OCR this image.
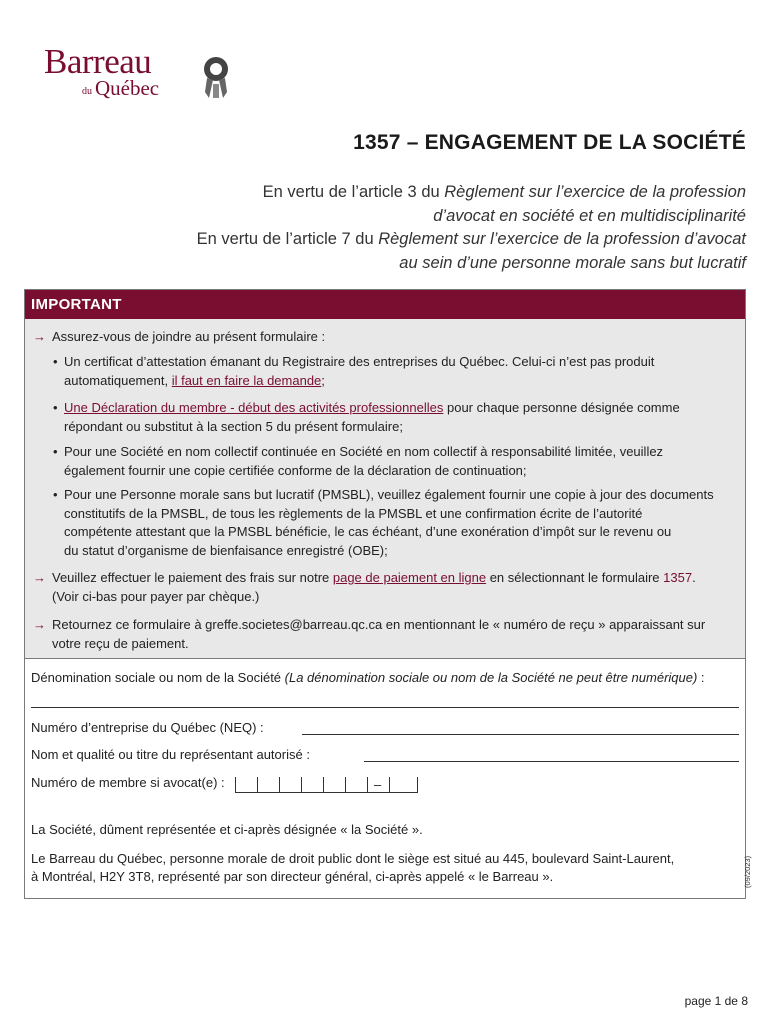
Barreau
du Québec
1357 – ENGAGEMENT DE LA SOCIÉTÉ
En vertu de l’article 3 du Règlement sur l’exercice de la profession
d’avocat en société et en multidisciplinarité
En vertu de l’article 7 du Règlement sur l’exercice de la profession d’avocat
au sein d’une personne morale sans but lucratif
IMPORTANT
→ Assurez-vous de joindre au présent formulaire :
• Un certificat d’attestation émanant du Registraire des entreprises du Québec. Celui-ci n’est pas produit
automatiquement, il faut en faire la demande;
• Une Déclaration du membre - début des activités professionnelles pour chaque personne désignée comme
répondant ou substitut à la section 5 du présent formulaire;
• Pour une Société en nom collectif continuée en Société en nom collectif à responsabilité limitée, veuillez
également fournir une copie certifiée conforme de la déclaration de continuation;
• Pour une Personne morale sans but lucratif (PMSBL), veuillez également fournir une copie à jour des documents
constitutifs de la PMSBL, de tous les règlements de la PMSBL et une confirmation écrite de l’autorité
compétente attestant que la PMSBL bénéficie, le cas échéant, d’une exonération d’impôt sur le revenu ou
du statut d’organisme de bienfaisance enregistré (OBE);
→ Veuillez effectuer le paiement des frais sur notre page de paiement en ligne en sélectionnant le formulaire 1357.
(Voir ci-bas pour payer par chèque.)
→ Retournez ce formulaire à greffe.societes@barreau.qc.ca en mentionnant le « numéro de reçu » apparaissant sur
votre reçu de paiement.
Dénomination sociale ou nom de la Société (La dénomination sociale ou nom de la Société ne peut être numérique) :
Numéro d’entreprise du Québec (NEQ) :
Nom et qualité ou titre du représentant autorisé :
Numéro de membre si avocat(e) :	–
La Société, dûment représentée et ci-après désignée « la Société ».
Le Barreau du Québec, personne morale de droit public dont le siège est situé au 445, boulevard Saint-Laurent,
à Montréal, H2Y 3T8, représenté par son directeur général, ci-après appelé « le Barreau ».	(09/2023)
page 1 de 8
